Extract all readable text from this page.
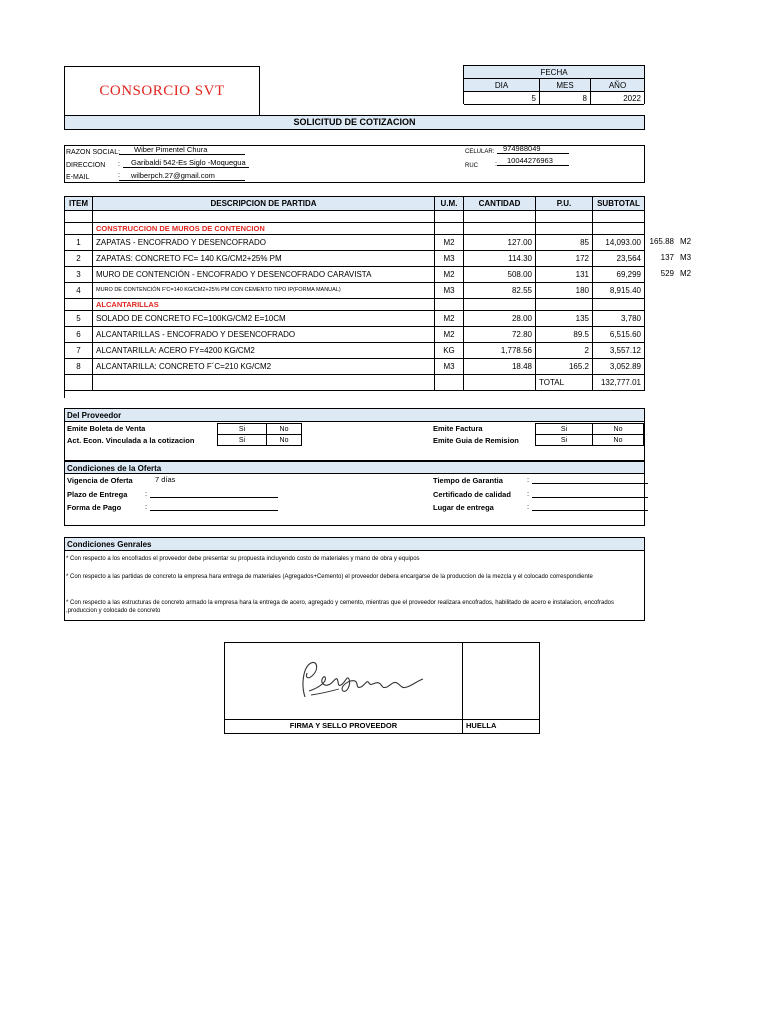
CONSORCIO SVT
FECHA
DIA	MES	AÑO
5	8	2022
SOLICITUD DE COTIZACION
RAZON SOCIAL:	Wiber Pimentel Chura
DIRECCION :	Garibaldi 542-Es Siglo -Moquegua
E-MAIL	:	wilberpch.27@gmail.com
CELULAR:	974988049
RUC :	10044276963
ITEM	DESCRIPCION DE PARTIDA	U.M.	CANTIDAD	P.U.	SUBTOTAL
CONSTRUCCION DE MUROS DE CONTENCION
1	ZAPATAS - ENCOFRADO Y DESENCOFRADO	M2	127.00	85	14,093.00
2	ZAPATAS: CONCRETO FC= 140 KG/CM2+25% PM	M3	114.30	172	23,564
3	MURO DE CONTENCIÓN - ENCOFRADO Y DESENCOFRADO CARAVISTA	M2	508.00	131	69,299
4	MURO DE CONTENCIÓN F'C=140 KG/CM2+25% PM CON CEMENTO TIPO IP(FORMA MANUAL)	M3	82.55	180	8,915.40
ALCANTARILLAS
5	SOLADO DE CONCRETO FC=100KG/CM2 E=10CM	M2	28.00	135	3,780
6	ALCANTARILLAS - ENCOFRADO Y DESENCOFRADO	M2	72.80	89.5	6,515.60
7	ALCANTARILLA: ACERO FY=4200 KG/CM2	KG	1,778.56	2	3,557.12
8	ALCANTARILLA: CONCRETO F´C=210 KG/CM2	M3	18.48	165.2	3,052.89
TOTAL	132,777.01
165.88 M2
137 M3
529 M2
Del Proveedor
Emite Boleta de Venta
Act. Econ. Vinculada a la cotizacion
Si	No
Si	No
Emite Factura
Emite Guia de Remision
Si	No
Si	No
Condiciones de la Oferta
Vigencia de Oferta	7 días
Plazo de Entrega :
Forma de Pago	:
Tiempo de Garantia	:
Certificado de calidad :
Lugar de entrega	:
Condiciones Genrales
* Con respecto a los encofrados el proveedor debe presentar su propuesta incluyendo costo de materiales y mano de obra y equipos
* Con respecto a las partidas de concreto la empresa hara entrega de materiales (Agregados+Cemento) el proveedor debera encargarse de la produccion de la mezcla y el colocado correspondiente
* Con respecto a las estructuras de concreto armado la empresa hara la entrega de acero, agregado y cemento, mientras que el proveedor realizara encofrados, habilitado de acero e instalacion, encofrados ,produccion y colocado de concreto
FIRMA Y SELLO PROVEEDOR	HUELLA
